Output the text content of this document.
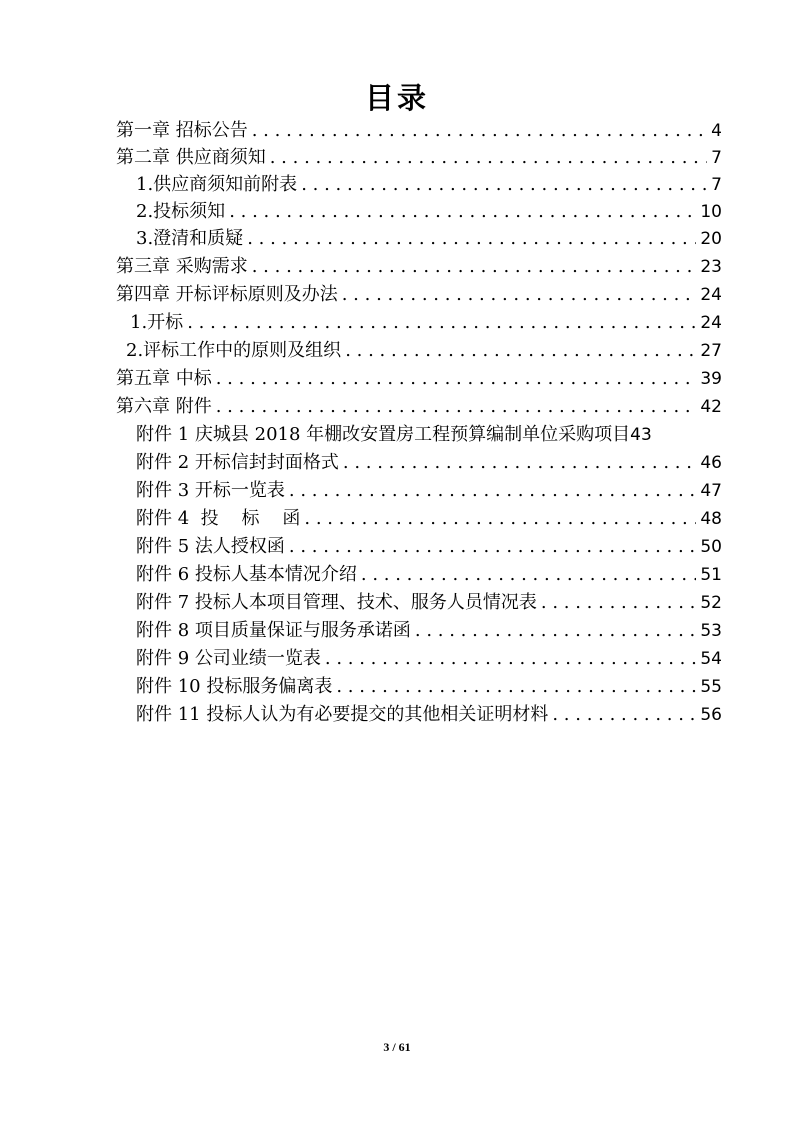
目录
第一章 招标公告 . . .	4
第二章 供应商须知 . . .	7
1.供应商须知前附表 . . .	7
2.投标须知 . . .	10
3.澄清和质疑 . . .	20
第三章 采购需求 . . .	23
第四章 开标评标原则及办法 . . .	24
1.开标 . . .	24
2.评标工作中的原则及组织 . . .	27
第五章 中标 . . .	39
第六章 附件 . . .	42
附件 1 庆城县 2018 年棚改安置房工程预算编制单位采购项目 43
附件 2 开标信封封面格式 . . .	46
附件 3 开标一览表 . . .	47
附件 4  投    标    函 . . .	48
附件 5 法人授权函 . . .	50
附件 6 投标人基本情况介绍 . . .	51
附件 7 投标人本项目管理、技术、服务人员情况表 . . .	52
附件 8 项目质量保证与服务承诺函 . . .	53
附件 9 公司业绩一览表 . . .	54
附件 10 投标服务偏离表 . . .	55
附件 11 投标人认为有必要提交的其他相关证明材料 . . .	56
3 / 61
